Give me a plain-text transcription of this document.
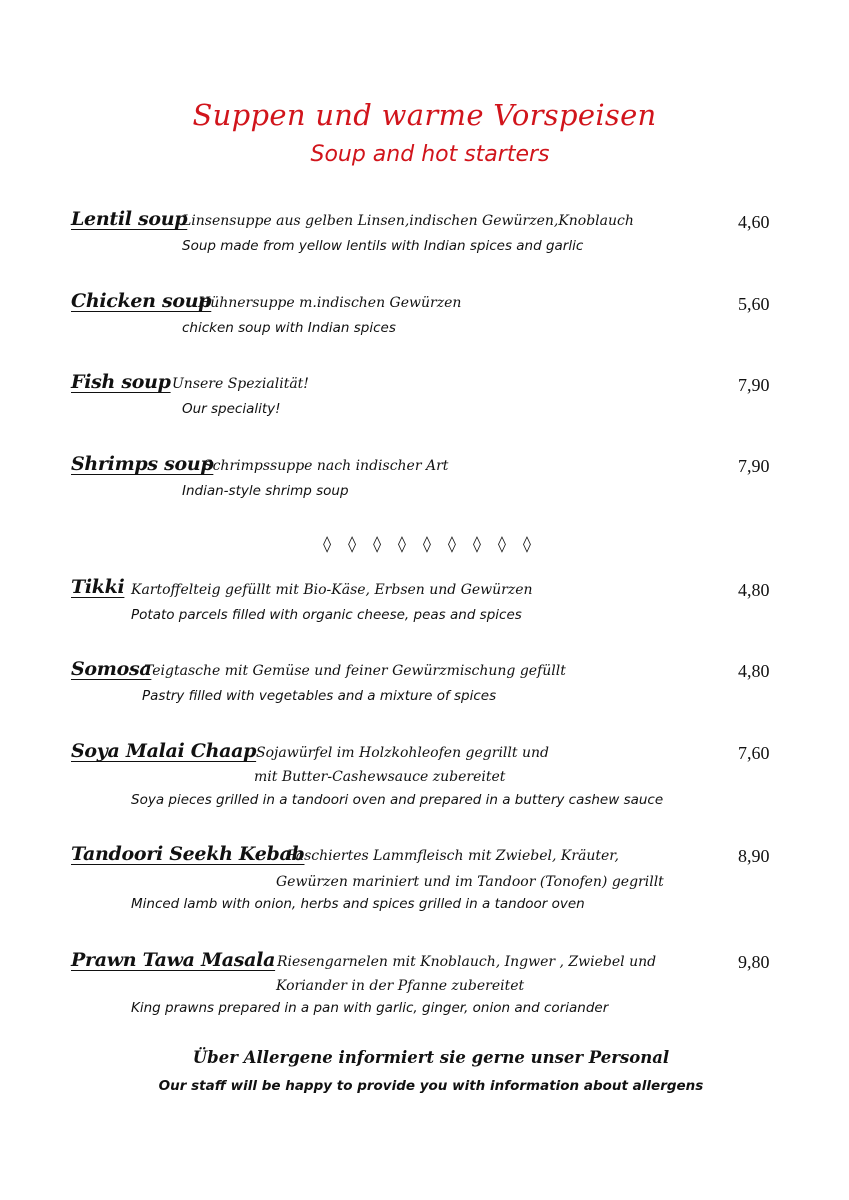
Suppen und warme Vorspeisen
Soup and hot starters
Lentil soup
Linsensuppe aus gelben Linsen,indischen Gewürzen,Knoblauch
Soup made from yellow lentils with Indian spices and garlic
4,60
Chicken soup
Hühnersuppe m.indischen Gewürzen
chicken soup with Indian spices
5,60
Fish soup Unsere Spezialität!
Our speciality!
7,90
Shrimps soup
Schrimpssuppe nach indischer Art
Indian-style shrimp soup
7,90
◊ ◊ ◊ ◊ ◊ ◊ ◊ ◊ ◊
Tikki Kartoffelteig gefüllt mit Bio-Käse, Erbsen und Gewürzen
Potato parcels filled with organic cheese, peas and spices
4,80
Somosa
Teigtasche mit Gemüse und feiner Gewürzmischung gefüllt
Pastry filled with vegetables and a mixture of spices
4,80
Soya Malai Chaap Sojawürfel im Holzkohleofen gegrillt und
mit Butter-Cashewsauce zubereitet
Soya pieces grilled in a tandoori oven and prepared in a buttery cashew sauce
7,60
Tandoori Seekh Kebab
Faschiertes Lammfleisch mit Zwiebel, Kräuter,
Gewürzen mariniert und im Tandoor (Tonofen) gegrillt
Minced lamb with onion, herbs and spices grilled in a tandoor oven
8,90
Prawn Tawa Masala Riesengarnelen mit Knoblauch, Ingwer , Zwiebel und
Koriander in der Pfanne zubereitet
King prawns prepared in a pan with garlic, ginger, onion and coriander
9,80
Über Allergene informiert sie gerne unser Personal
Our staff will be happy to provide you with information about allergens
